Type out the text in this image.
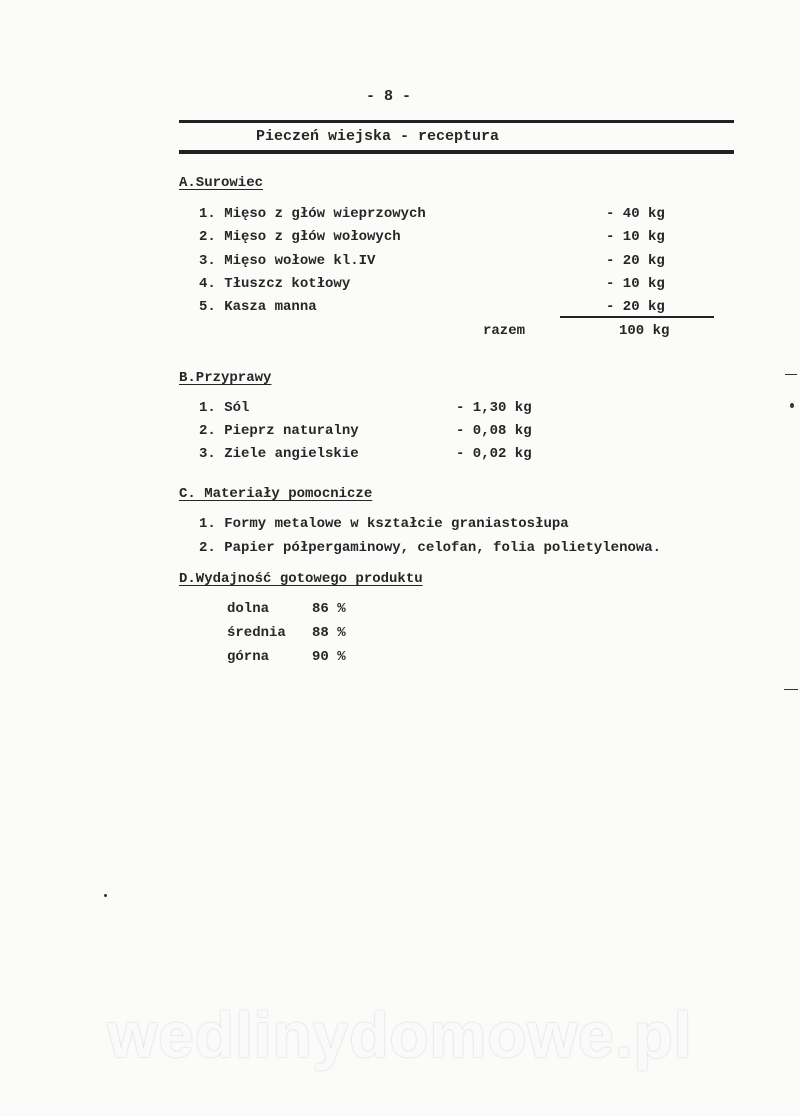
- 8 -
Pieczeń wiejska - receptura
A.Surowiec
1. Mięso z głów wieprzowych	- 40 kg
2. Mięso z głów wołowych	- 10 kg
3. Mięso wołowe kl.IV	- 20 kg
4. Tłuszcz kotłowy	- 10 kg
5. Kasza manna	- 20 kg
razem	100 kg
B.Przyprawy
1. Sól	- 1,30 kg
2. Pieprz naturalny	- 0,08 kg
3. Ziele angielskie	- 0,02 kg
C. Materiały pomocnicze
1. Formy metalowe w kształcie graniastosłupa
2. Papier półpergaminowy, celofan, folia polietylenowa.
D.Wydajność gotowego produktu
dolna	86 %
średnia 88 %
górna	90 %
wedlinydomowe.pl
